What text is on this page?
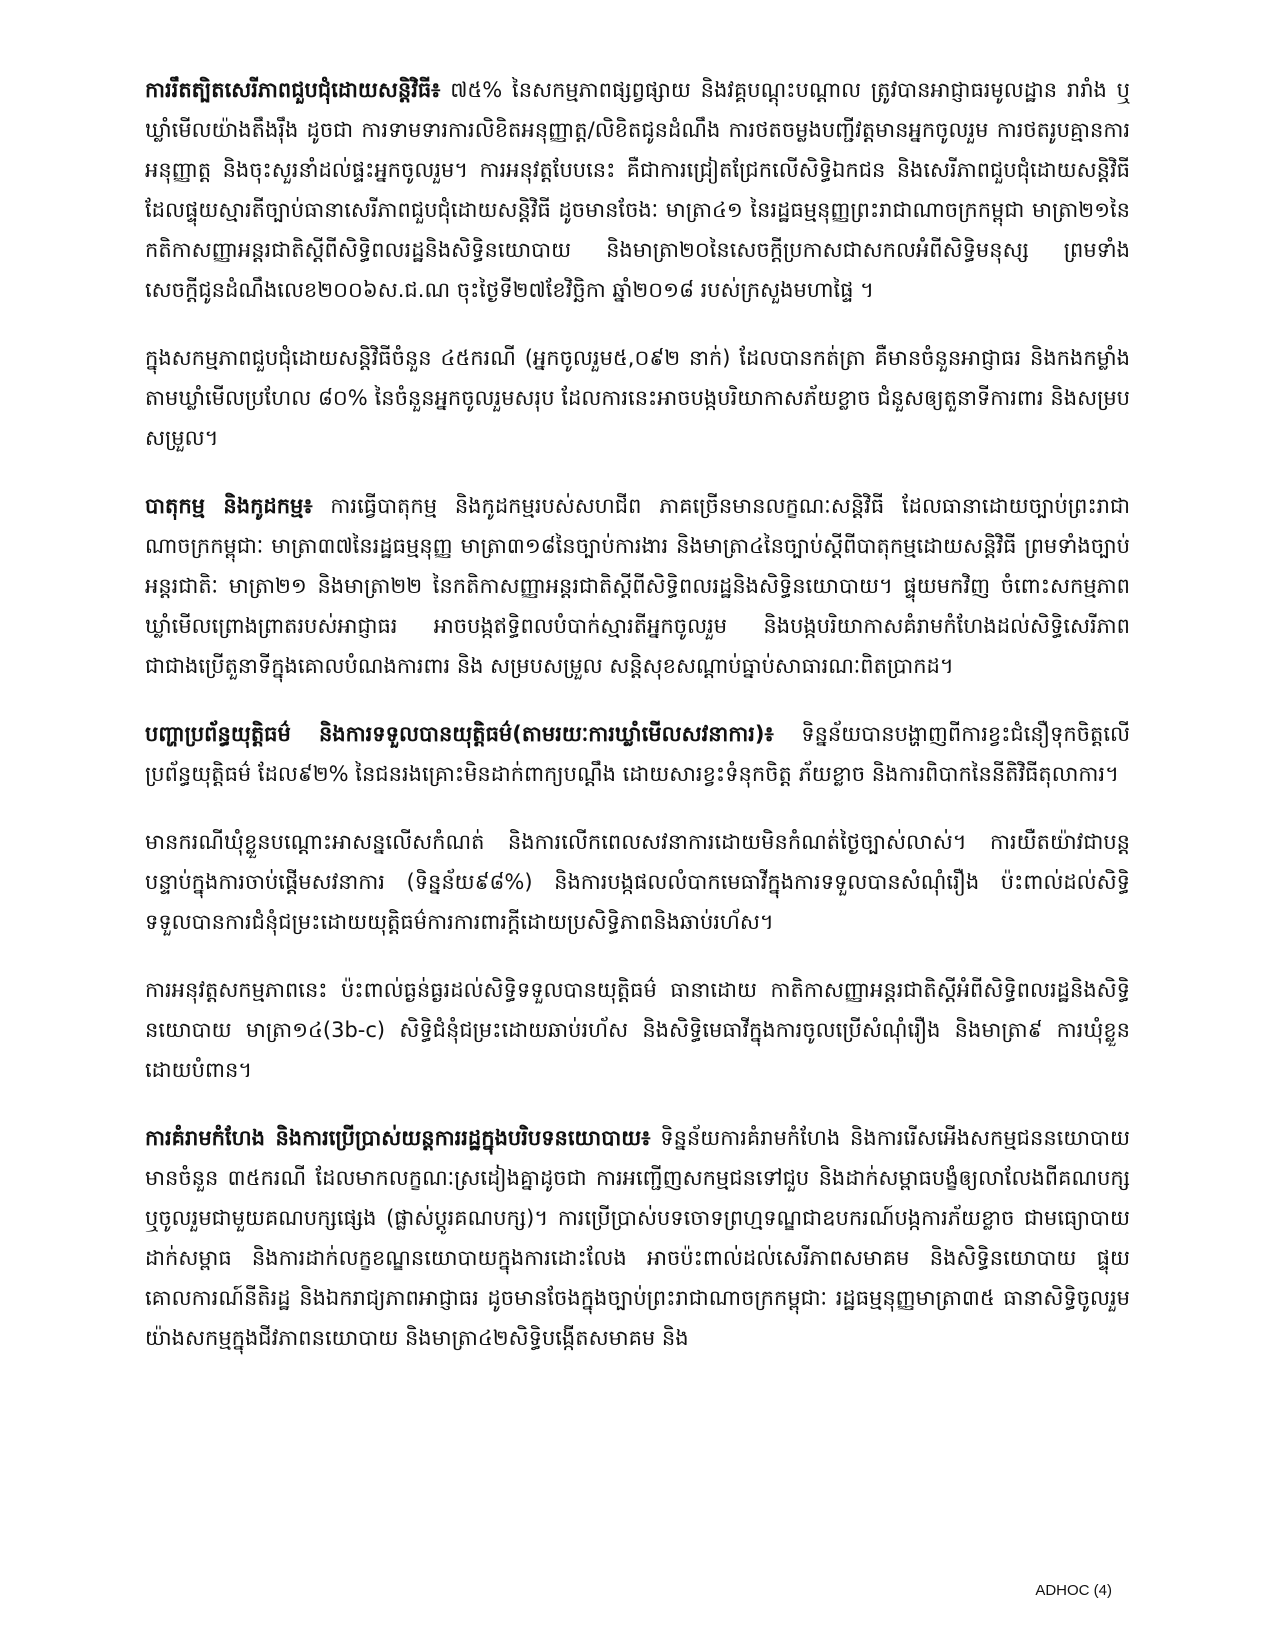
ការរឹតត្បិតសេរីភាពជួបជុំដោយសន្តិវិធី៖ ៧៥% នៃសកម្មភាពផ្សព្វផ្សាយ និងវគ្គបណ្ដុះបណ្ដាល ត្រូវបានអាជ្ញាធរមូលដ្ឋាន រារាំង ឬឃ្លាំមើលយ៉ាងតឹងរ៉ឹង ដូចជា ការទាមទារការលិខិតអនុញ្ញាត្ត/លិខិតជូនដំណឹង ការថតចម្លងបញ្ជីវត្តមានអ្នកចូលរួម ការថតរូបគ្មានការអនុញ្ញាត្ត និងចុះសួរនាំដល់ផ្ទះអ្នកចូលរួម។ ការអនុវត្តបែបនេះ គឺជាការជ្រៀតជ្រែកលើសិទ្ធិឯកជន និងសេរីភាពជួបជុំដោយសន្តិវិធី ដែលផ្ទុយស្មារតីច្បាប់ធានាសេរីភាពជួបជុំដោយសន្តិវិធី ដូចមានចែងៈ មាត្រា៤១ នៃរដ្ឋធម្មនុញ្ញព្រះរាជាណាចក្រកម្ពុជា មាត្រា២១នៃកតិកាសញ្ញាអន្តរជាតិស្តីពីសិទ្ធិពលរដ្ឋនិងសិទ្ធិនយោបាយ និងមាត្រា២០នៃសេចក្ដីប្រកាសជាសកលអំពីសិទ្ធិមនុស្ស ព្រមទាំងសេចក្តីជូនដំណឹងលេខ២០០៦ស.ជ.ណ ចុះថ្ងៃទី២៧ខែវិច្ឆិកា ឆ្នាំ២០១៨ របស់ក្រសួងមហាផ្ទៃ ។

ក្នុងសកម្មភាពជួបជុំដោយសន្តិវិធីចំនួន ៤៥ករណី (អ្នកចូលរួម៥,០៩២ នាក់) ដែលបានកត់ត្រា គឺមានចំនួនអាជ្ញាធរ និងកងកម្លាំងតាមឃ្លាំមើលប្រហែល ៨០% នៃចំនួនអ្នកចូលរួមសរុប ដែលការនេះអាចបង្កបរិយាកាសភ័យខ្លាច ជំនួសឲ្យតួនាទីការពារ និងសម្របសម្រួល។

បាតុកម្ម និងកូដកម្ម៖ ការធ្វើបាតុកម្ម និងកូដកម្មរបស់សហជីព ភាគច្រើនមានលក្ខណៈសន្តិវិធី ដែលធានាដោយច្បាប់ព្រះរាជាណាចក្រកម្ពុជាៈ មាត្រា៣៧នៃរដ្ឋធម្មនុញ្ញ មាត្រា៣១៨នៃច្បាប់ការងារ និងមាត្រា៤នៃច្បាប់ស្តីពីបាតុកម្មដោយសន្តិវិធី ព្រមទាំងច្បាប់អន្តរជាតិៈ មាត្រា២១ និងមាត្រា២២ នៃកតិកាសញ្ញាអន្តរជាតិស្តីពីសិទ្ធិពលរដ្ឋនិងសិទ្ធិនយោបាយ។ ផ្ទុយមកវិញ ចំពោះសកម្មភាពឃ្លាំមើលព្រោងព្រាតរបស់អាជ្ញាធរ អាចបង្កឥទ្ធិពលបំបាក់ស្មារតីអ្នកចូលរួម និងបង្កបរិយាកាសគំរាមកំហែងដល់សិទ្ធិសេរីភាព ជាជាងប្រើតួនាទីក្នុងគោលបំណងការពារ និង សម្របសម្រួល សន្តិសុខសណ្ដាប់ធ្នាប់សាធារណៈពិតប្រាកដ។

បញ្ហាប្រព័ន្ធយុត្តិធម៌ និងការទទួលបានយុត្តិធម៌(តាមរយៈការឃ្លាំមើលសវនាការ)៖ ទិន្នន័យបានបង្ហាញពីការខ្វះជំនឿទុកចិត្តលើប្រព័ន្ធយុត្តិធម៌ ដែល៩២% នៃជនរងគ្រោះមិនដាក់ពាក្យបណ្តឹង ដោយសារខ្វះទំនុកចិត្ត ភ័យខ្លាច និងការពិបាកនៃនីតិវិធីតុលាការ។

មានករណីឃុំខ្លួនបណ្ដោះអាសន្នលើសកំណត់ និងការលើកពេលសវនាការដោយមិនកំណត់ថ្ងៃច្បាស់លាស់។ ការយឺតយ៉ាវជាបន្តបន្ទាប់ក្នុងការចាប់ផ្តើមសវនាការ (ទិន្នន័យ៩៨%) និងការបង្កផលលំបាកមេធាវីក្នុងការទទួលបានសំណុំរឿង ប៉ះពាល់ដល់សិទ្ធិទទួលបានការជំនុំជម្រះដោយយុត្តិធម៌ការការពារក្តីដោយប្រសិទ្ធិភាពនិងឆាប់រហ័ស។

ការអនុវត្តសកម្មភាពនេះ ប៉ះពាល់ធ្ងន់ធ្ងរដល់សិទ្ធិទទួលបានយុត្តិធម៌ ធានាដោយ កាតិកាសញ្ញាអន្តរជាតិស្តីអំពីសិទ្ធិពលរដ្ឋនិងសិទ្ធិនយោបាយ មាត្រា១៤(3b-c) សិទ្ធិជំនុំជម្រះដោយឆាប់រហ័ស និងសិទ្ធិមេធាវីក្នុងការចូលប្រើសំណុំរឿង និងមាត្រា៩ ការឃុំខ្លួនដោយបំពាន។

ការគំរាមកំហែង និងការប្រើប្រាស់យន្តការរដ្ឋក្នុងបរិបទនយោបាយ៖ ទិន្នន័យការគំរាមកំហែង និងការរើសអើងសកម្មជននយោបាយ មានចំនួន ៣៥ករណី ដែលមាកលក្ខណៈស្រដៀងគ្នាដូចជា ការអញ្ជើញសកម្មជនទៅជួប និងដាក់សម្ពាធបង្ខំឲ្យលាលែងពីគណបក្ស ឬចូលរួមជាមួយគណបក្សផ្សេង (ផ្លាស់ប្តូរគណបក្ស)។ ការប្រើប្រាស់បទចោទព្រហ្មទណ្ឌជាឧបករណ៍បង្កការភ័យខ្លាច ជាមធ្យោបាយដាក់សម្ពាធ និងការដាក់លក្ខខណ្ឌនយោបាយក្នុងការដោះលែង អាចប៉ះពាល់ដល់សេរីភាពសមាគម និងសិទ្ធិនយោបាយ ផ្ទុយគោលការណ៍នីតិរដ្ឋ និងឯករាជ្យភាពអាជ្ញាធរ ដូចមានចែងក្នុងច្បាប់ព្រះរាជាណាចក្រកម្ពុជាៈ រដ្ឋធម្មនុញ្ញមាត្រា៣៥ ធានាសិទ្ធិចូលរួមយ៉ាងសកម្មក្នុងជីវភាពនយោបាយ និងមាត្រា៤២សិទ្ធិបង្កើតសមាគម និង

ADHOC (4)
